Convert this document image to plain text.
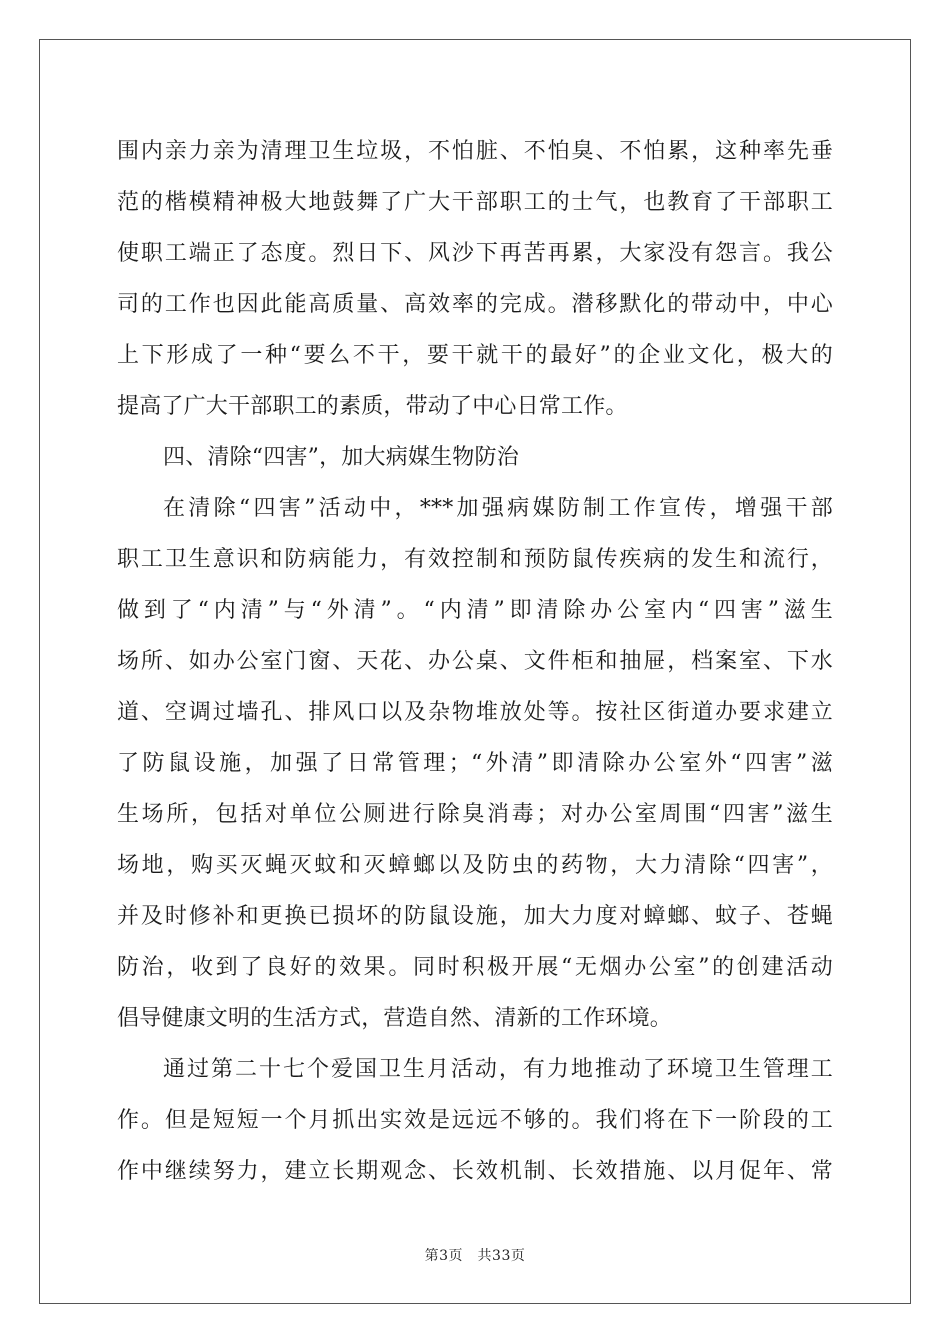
围内亲力亲为清理卫生垃圾，不怕脏、不怕臭、不怕累，这种率先垂
范的楷模精神极大地鼓舞了广大干部职工的士气，也教育了干部职工
使职工端正了态度。烈日下、风沙下再苦再累，大家没有怨言。我公
司的工作也因此能高质量、高效率的完成。潜移默化的带动中，中心
上下形成了一种“要么不干，要干就干的最好”的企业文化，极大的
提高了广大干部职工的素质，带动了中心日常工作。
四、清除“四害”，加大病媒生物防治
在清除“四害”活动中，***加强病媒防制工作宣传，增强干部
职工卫生意识和防病能力，有效控制和预防鼠传疾病的发生和流行，
做到了“内清”与“外清”。“内清”即清除办公室内“四害”滋生
场所、如办公室门窗、天花、办公桌、文件柜和抽屉，档案室、下水
道、空调过墙孔、排风口以及杂物堆放处等。按社区街道办要求建立
了防鼠设施，加强了日常管理；“外清”即清除办公室外“四害”滋
生场所，包括对单位公厕进行除臭消毒；对办公室周围“四害”滋生
场地，购买灭蝇灭蚊和灭蟑螂以及防虫的药物，大力清除“四害”，
并及时修补和更换已损坏的防鼠设施，加大力度对蟑螂、蚊子、苍蝇
防治，收到了良好的效果。同时积极开展“无烟办公室”的创建活动
倡导健康文明的生活方式，营造自然、清新的工作环境。
通过第二十七个爱国卫生月活动，有力地推动了环境卫生管理工
作。但是短短一个月抓出实效是远远不够的。我们将在下一阶段的工
作中继续努力，建立长期观念、长效机制、长效措施、以月促年、常
第3页　共33页
